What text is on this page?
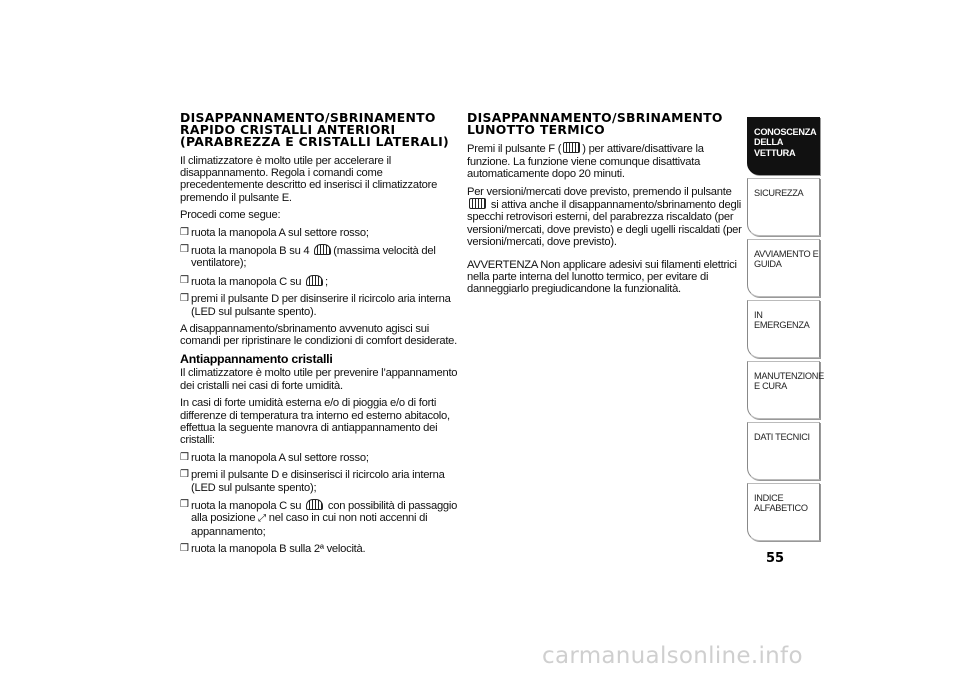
DISAPPANNAMENTO/SBRINAMENTO RAPIDO CRISTALLI ANTERIORI (PARABREZZA E CRISTALLI LATERALI)

Il climatizzatore è molto utile per accelerare il disappannamento. Regola i comandi come precedentemente descritto ed inserisci il climatizzatore premendo il pulsante E.

Procedi come segue:

❒ ruota la manopola A sul settore rosso;
❒ ruota la manopola B su 4 (massima velocità del ventilatore);
❒ ruota la manopola C su ;
❒ premi il pulsante D per disinserire il ricircolo aria interna (LED sul pulsante spento).

A disappannamento/sbrinamento avvenuto agisci sui comandi per ripristinare le condizioni di comfort desiderate.

Antiappannamento cristalli

Il climatizzatore è molto utile per prevenire l’appannamento dei cristalli nei casi di forte umidità.

In casi di forte umidità esterna e/o di pioggia e/o di forti differenze di temperatura tra interno ed esterno abitacolo, effettua la seguente manovra di antiappannamento dei cristalli:

❒ ruota la manopola A sul settore rosso;
❒ premi il pulsante D e disinserisci il ricircolo aria interna (LED sul pulsante spento);
❒ ruota la manopola C su con possibilità di passaggio alla posizione ⤢ nel caso in cui non noti accenni di appannamento;
❒ ruota la manopola B sulla 2ª velocità.
DISAPPANNAMENTO/SBRINAMENTO LUNOTTO TERMICO

Premi il pulsante F ( ) per attivare/disattivare la funzione. La funzione viene comunque disattivata automaticamente dopo 20 minuti.

Per versioni/mercati dove previsto, premendo il pulsante  si attiva anche il disappannamento/sbrinamento degli specchi retrovisori esterni, del parabrezza riscaldato (per versioni/mercati, dove previsto) e degli ugelli riscaldati (per versioni/mercati, dove previsto).

AVVERTENZA Non applicare adesivi sui filamenti elettrici nella parte interna del lunotto termico, per evitare di danneggiarlo pregiudicandone la funzionalità.

CONOSCENZA DELLA VETTURA
SICUREZZA
AVVIAMENTO E GUIDA
IN EMERGENZA
MANUTENZIONE E CURA
DATI TECNICI
INDICE ALFABETICO
55
carmanualsonline.info
